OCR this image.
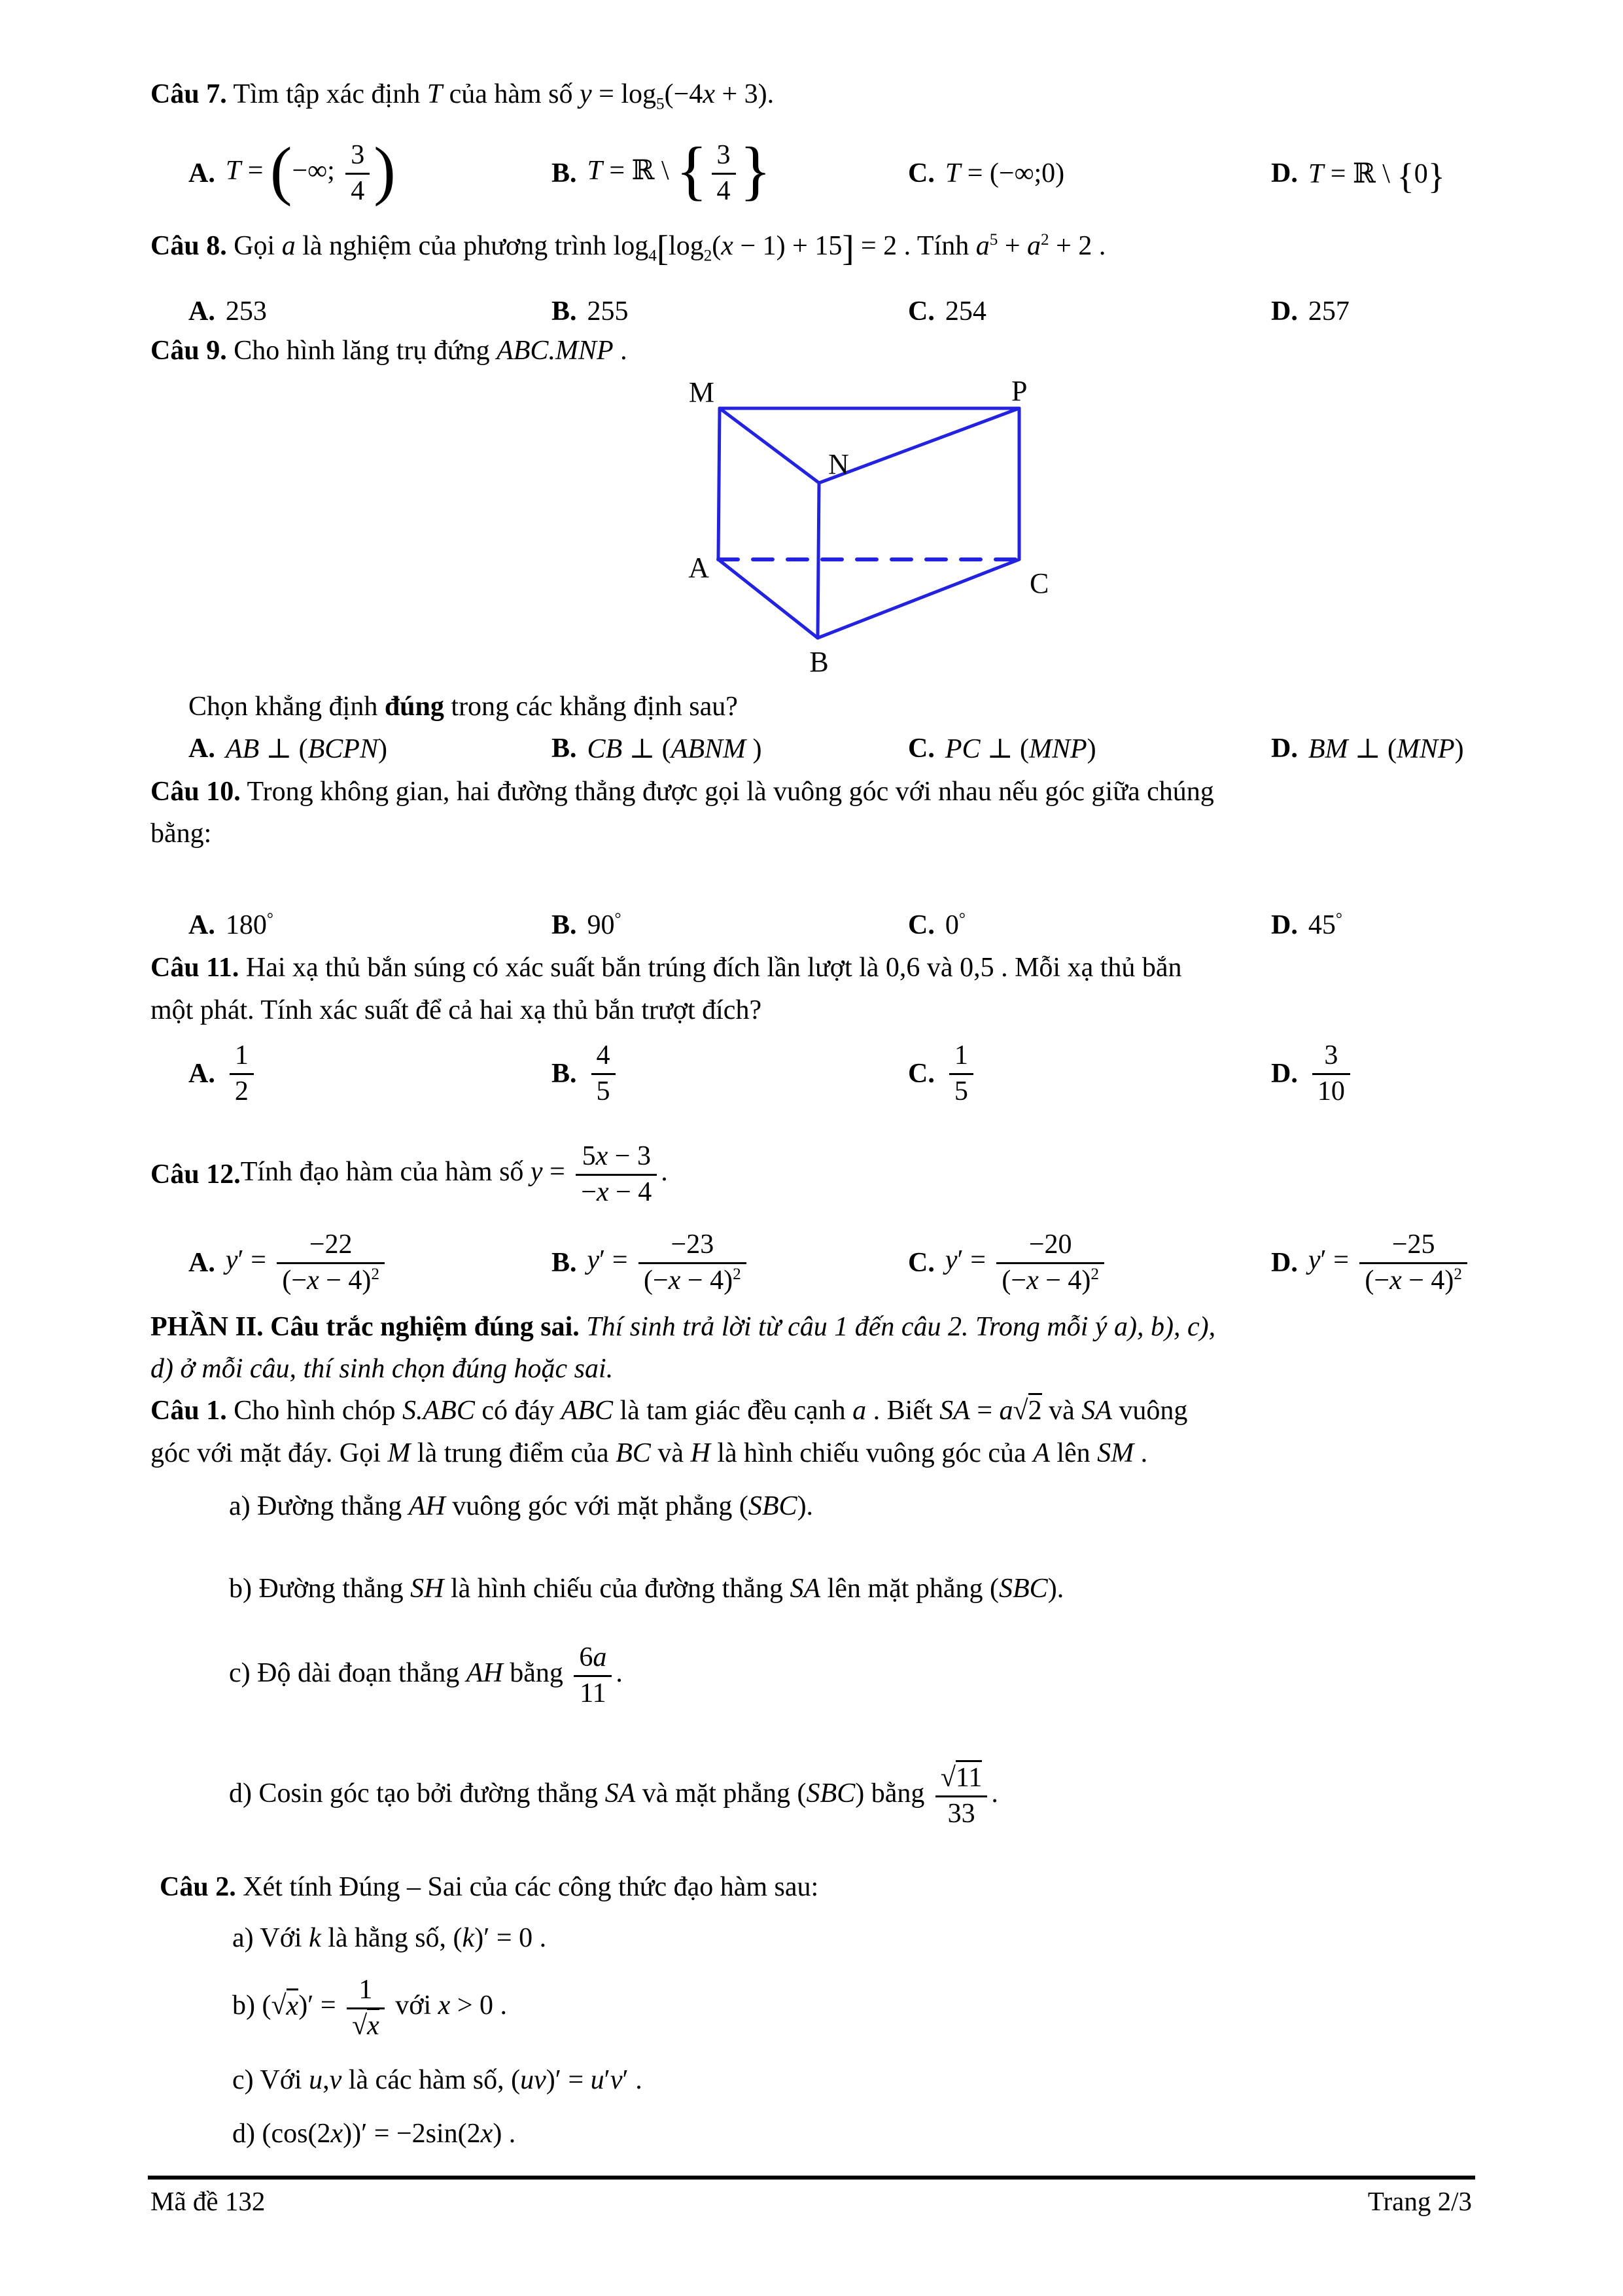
Câu 7. Tìm tập xác định T của hàm số $y = \log_5(-4x + 3)$.
A. T = (−∞; $\frac{3}{4}$ )	B. T = ℝ \ { $\frac{3}{4}$ }	C. T = (−∞;0)	D. T = ℝ \ {0}
Câu 8. Gọi a là nghiệm của phương trình $\log_4[\log_2(x - 1) + 15] = 2$ . Tính $a^5 + a^2 + 2$ .
A. 253	B. 255	C. 254	D. 257
Câu 9. Cho hình lăng trụ đứng ABC.MNP .
M	P
N
A	C
B
Chọn khẳng định đúng trong các khẳng định sau?
A. AB ⊥ (BCPN)	B. CB ⊥ (ABNM )	C. PC ⊥ (MNP)	D. BM ⊥ (MNP)
Câu 10. Trong không gian, hai đường thẳng được gọi là vuông góc với nhau nếu góc giữa chúng
bằng:
A. 180°	B. 90°	C. 0°	D. 45°
Câu 11. Hai xạ thủ bắn súng có xác suất bắn trúng đích lần lượt là 0,6 và 0,5 . Mỗi xạ thủ bắn
một phát. Tính xác suất để cả hai xạ thủ bắn trượt đích?
A. $\frac{1}{2}$	B. $\frac{4}{5}$	C. $\frac{1}{5}$	D. $\frac{3}{10}$
Câu 12. Tính đạo hàm của hàm số $y = \frac{5x - 3}{-x - 4}$ .
A. $y' = \frac{-22}{(-x - 4)^2}$	B. $y' = \frac{-23}{(-x - 4)^2}$	C. $y' = \frac{-20}{(-x - 4)^2}$	D. $y' = \frac{-25}{(-x - 4)^2}$
PHẦN II. Câu trắc nghiệm đúng sai. Thí sinh trả lời từ câu 1 đến câu 2. Trong mỗi ý a), b), c),
d) ở mỗi câu, thí sinh chọn đúng hoặc sai.
Câu 1. Cho hình chóp S.ABC có đáy ABC là tam giác đều cạnh a . Biết SA = a√2 và SA vuông
góc với mặt đáy. Gọi M là trung điểm của BC và H là hình chiếu vuông góc của A lên SM .
a) Đường thẳng AH vuông góc với mặt phẳng (SBC).
b) Đường thẳng SH là hình chiếu của đường thẳng SA lên mặt phẳng (SBC).
c) Độ dài đoạn thẳng AH bằng $\frac{6a}{11}$ .
d) Cosin góc tạo bởi đường thẳng SA và mặt phẳng (SBC) bằng $\frac{√11}{33}$ .
Câu 2. Xét tính Đúng – Sai của các công thức đạo hàm sau:
a) Với k là hằng số, (k)′ = 0 .
b) $(√x)' = \frac{1}{√x}$ với x > 0 .
c) Với u,v là các hàm số, (uv)′ = u′v′ .
d) (cos(2x))′ = −2sin(2x) .
Mã đề 132	Trang 2/3
